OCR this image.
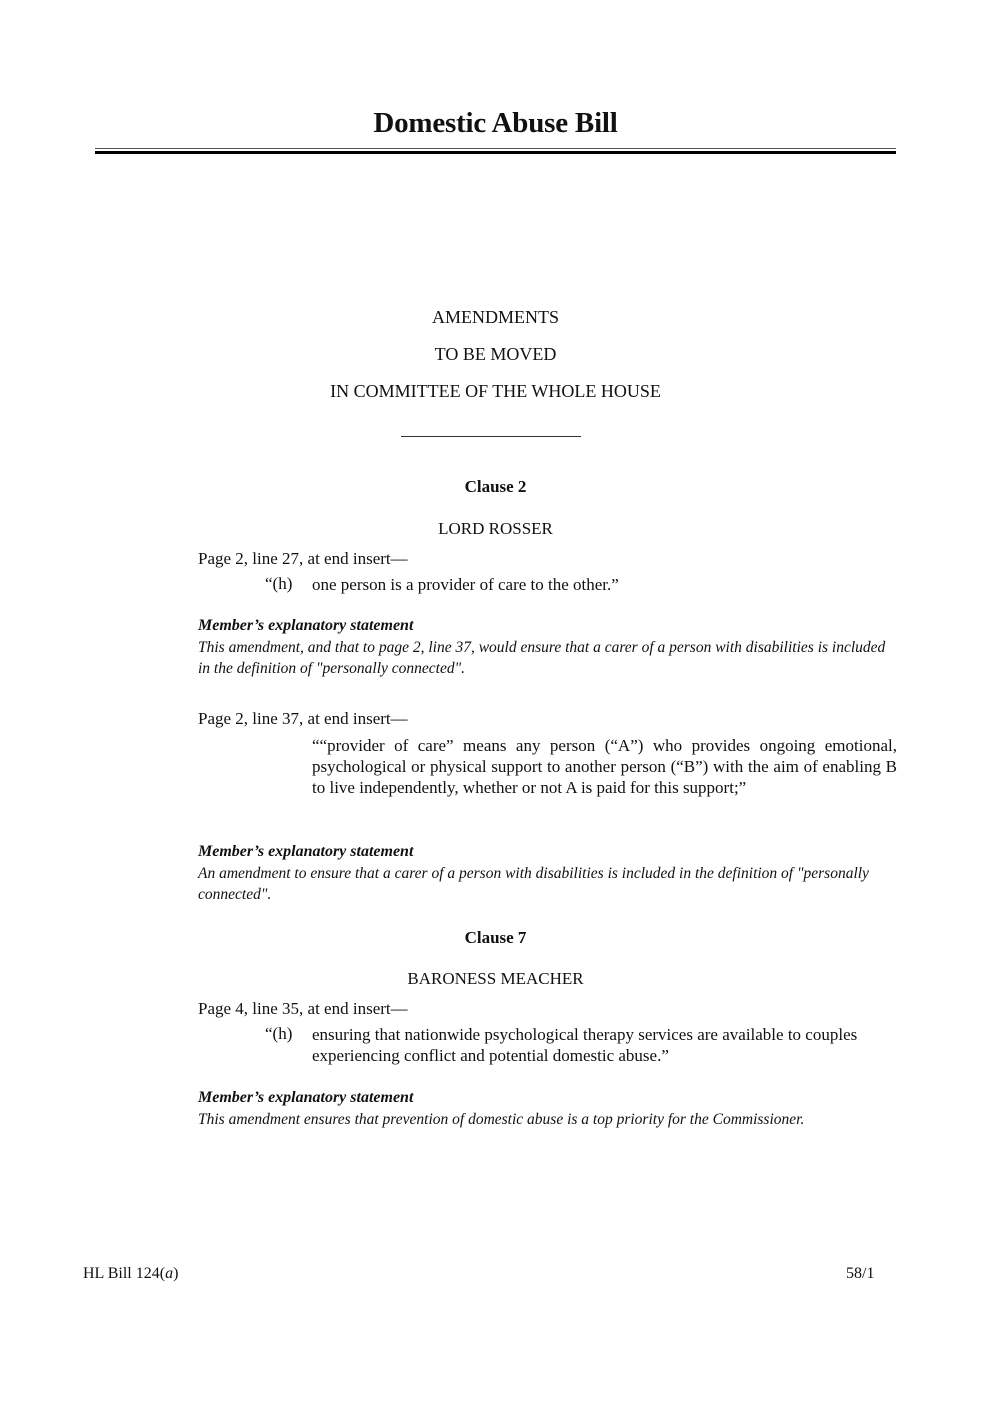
Domestic Abuse Bill
AMENDMENTS
TO BE MOVED
IN COMMITTEE OF THE WHOLE HOUSE
Clause 2
LORD ROSSER
Page 2, line 27, at end insert—
“(h) one person is a provider of care to the other.”
Member’s explanatory statement
This amendment, and that to page 2, line 37, would ensure that a carer of a person with disabilities is included in the definition of "personally connected".
Page 2, line 37, at end insert—
““provider of care” means any person (“A”) who provides ongoing emotional, psychological or physical support to another person (“B”) with the aim of enabling B to live independently, whether or not A is paid for this support;”
Member’s explanatory statement
An amendment to ensure that a carer of a person with disabilities is included in the definition of "personally connected".
Clause 7
BARONESS MEACHER
Page 4, line 35, at end insert—
“(h) ensuring that nationwide psychological therapy services are available to couples experiencing conflict and potential domestic abuse.”
Member’s explanatory statement
This amendment ensures that prevention of domestic abuse is a top priority for the Commissioner.
HL Bill 124(a)	58/1
